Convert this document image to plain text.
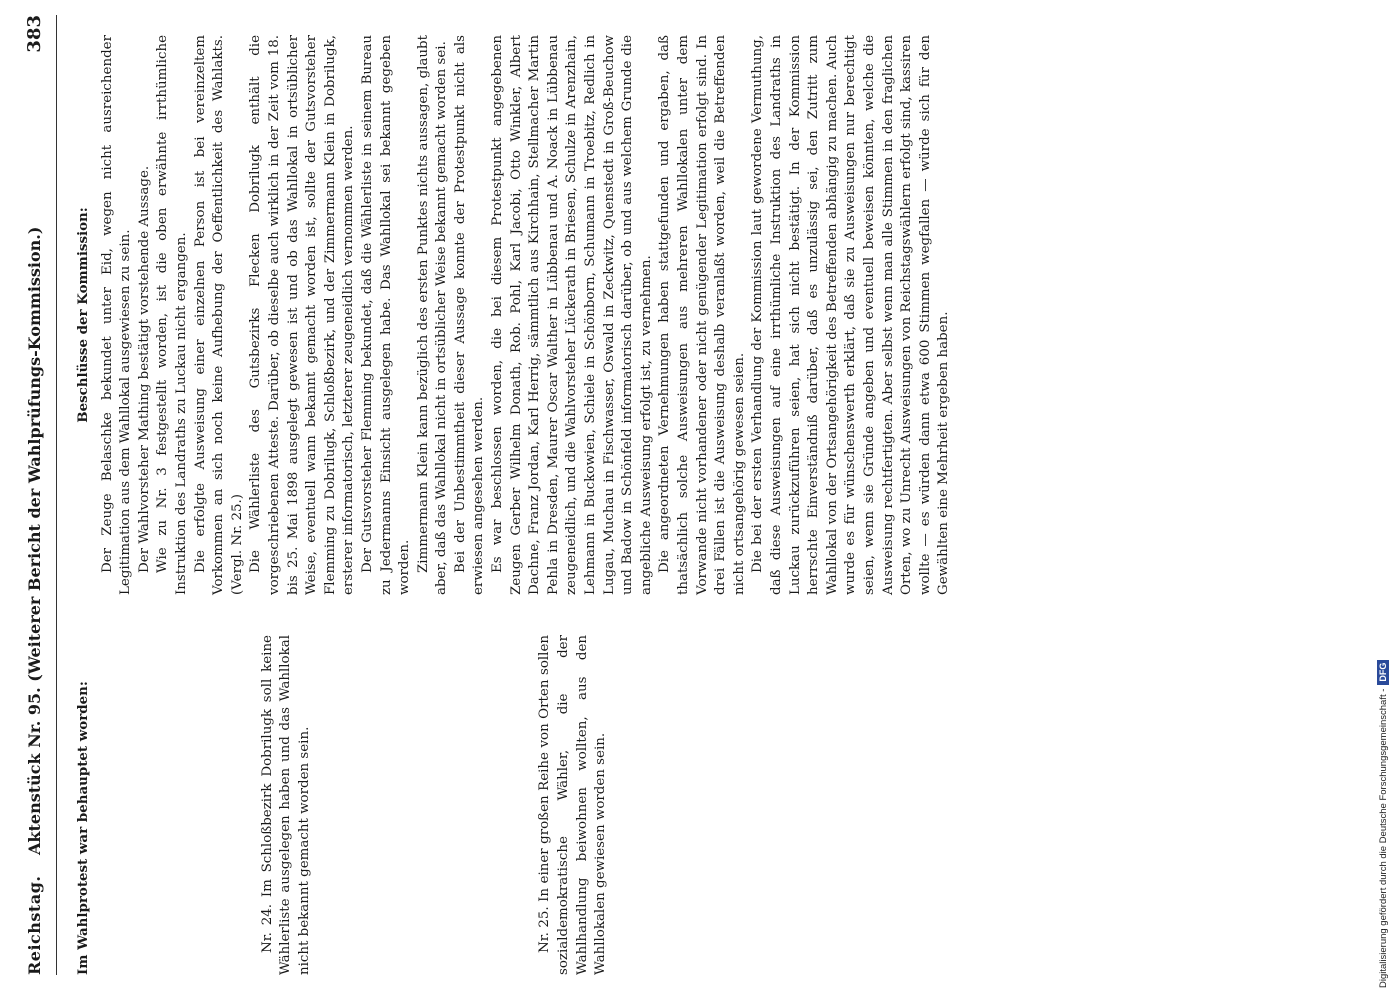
Reichstag.
Aktenstück Nr. 95. (Weiterer Bericht der Wahlprüfungs-Kommission.)
383

Im Wahlprotest war behauptet worden:	Nr. 24. Im Schloßbezirk Dobrilugk soll keine Wählerliste ausgelegen haben und das Wahllokal nicht bekannt gemacht worden sein.	Nr. 25. In einer großen Reihe von Orten sollen sozialdemokratische Wähler, die der Wahlhandlung beiwohnen wollten, aus den Wahllokalen gewiesen worden sein.

Beschlüsse der Kommission: Der Zeuge Belaschke bekundet unter Eid, wegen nicht ausreichender Legitimation aus dem Wahllokal ausgewiesen zu sein. Der Wahlvorsteher Mathing bestätigt vorstehende Aussage. Wie zu Nr. 3 festgestellt worden, ist die oben erwähnte irrthümliche Instruktion des Landraths zu Luckau nicht ergangen. Die erfolgte Ausweisung einer einzelnen Person ist bei vereinzeltem Vorkommen an sich noch keine Aufhebung der Oeffentlichkeit des Wahlakts. (Vergl. Nr. 25.) Die Wählerliste des Gutsbezirks Flecken Dobrilugk enthält die vorgeschriebenen Atteste. Darüber, ob dieselbe auch wirklich in der Zeit vom 18. bis 25. Mai 1898 ausgelegt gewesen ist und ob das Wahllokal in ortsüblicher Weise, eventuell wann bekannt gemacht worden ist, sollte der Gutsvorsteher Flemming zu Dobrilugk, Schloßbezirk, und der Zimmermann Klein in Dobrilugk, ersterer informatorisch, letzterer zeugeneidlich vernommen werden. Der Gutsvorsteher Flemming bekundet, daß die Wählerliste in seinem Bureau zu Jedermanns Einsicht ausgelegen habe. Das Wahllokal sei bekannt gegeben worden. Zimmermann Klein kann bezüglich des ersten Punktes nichts aussagen, glaubt aber, daß das Wahllokal nicht in ortsüblicher Weise bekannt gemacht worden sei. Bei der Unbestimmtheit dieser Aussage konnte der Protestpunkt nicht als erwiesen angesehen werden. Es war beschlossen worden, die bei diesem Protestpunkt angegebenen Zeugen Gerber Wilhelm Donath, Rob. Pohl, Karl Jacobi, Otto Winkler, Albert Dachne, Franz Jordan, Karl Herrig, sämmtlich aus Kirchhain, Stellmacher Martin Pehla in Dresden, Maurer Oscar Walther in Lübbenau und A. Noack in Lübbenau zeugeneidlich, und die Wahlvorsteher Lückerath in Briesen, Schulze in Arenzhain, Lehmann in Buckowien, Schiele in Schönborn, Schumann in Troebitz, Redlich in Lugau, Muchau in Fischwasser, Oswald in Zeckwitz, Quenstedt in Groß-Beuchow und Badow in Schönfeld informatorisch darüber, ob und aus welchem Grunde die angebliche Ausweisung erfolgt ist, zu vernehmen. Die angeordneten Vernehmungen haben stattgefunden und ergaben, daß thatsächlich solche Ausweisungen aus mehreren Wahllokalen unter dem Vorwande nicht vorhandener oder nicht genügender Legitimation erfolgt sind. In drei Fällen ist die Ausweisung deshalb veranlaßt worden, weil die Betreffenden nicht ortsangehörig gewesen seien. Die bei der ersten Verhandlung der Kommission laut gewordene Vermuthung, daß diese Ausweisungen auf eine irrthümliche Instruktion des Landraths in Luckau zurückzuführen seien, hat sich nicht bestätigt. In der Kommission herrschte Einverständniß darüber, daß es unzulässig sei, den Zutritt zum Wahllokal von der Ortsangehörigkeit des Betreffenden abhängig zu machen. Auch wurde es für wünschenswerth erklärt, daß sie zu Ausweisungen nur berechtigt seien, wenn sie Gründe angeben und eventuell beweisen könnten, welche die Ausweisung rechtfertigten. Aber selbst wenn man alle Stimmen in den fraglichen Orten, wo zu Unrecht Ausweisungen von Reichstagswählern erfolgt sind, kassiren wollte — es würden dann etwa 600 Stimmen wegfallen — würde sich für den Gewählten eine Mehrheit ergeben haben.

Digitalisierung gefördert durch die Deutsche Forschungsgemeinschaft -DFG
